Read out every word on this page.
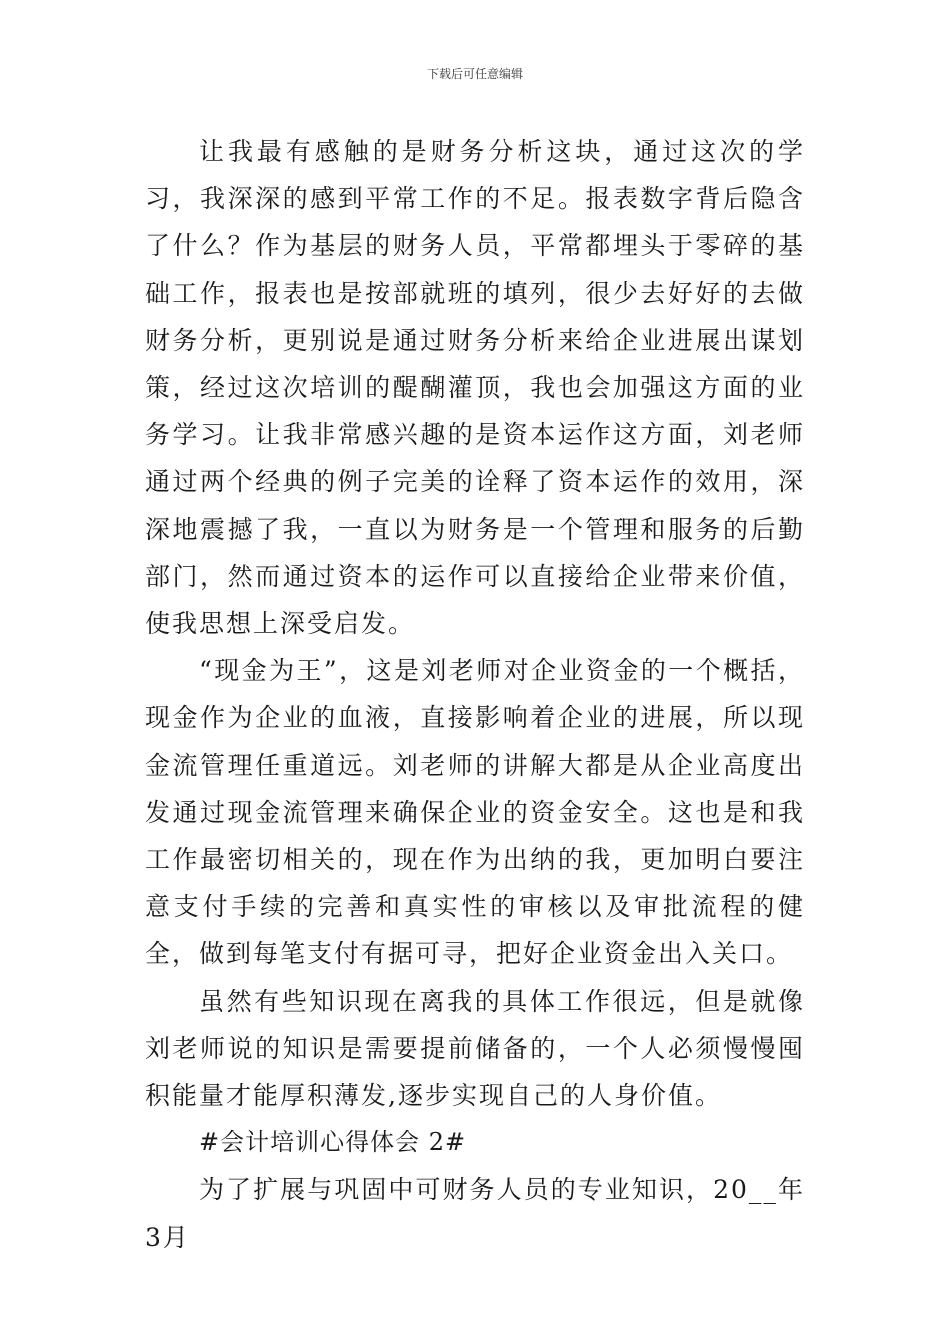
下载后可任意编辑

让我最有感触的是财务分析这块，通过这次的学习，我深深的感到平常工作的不足。报表数字背后隐含了什么？作为基层的财务人员，平常都埋头于零碎的基础工作，报表也是按部就班的填列，很少去好好的去做财务分析，更别说是通过财务分析来给企业进展出谋划策，经过这次培训的醍醐灌顶，我也会加强这方面的业务学习。让我非常感兴趣的是资本运作这方面，刘老师通过两个经典的例子完美的诠释了资本运作的效用，深深地震撼了我，一直以为财务是一个管理和服务的后勤部门，然而通过资本的运作可以直接给企业带来价值，使我思想上深受启发。

“现金为王”，这是刘老师对企业资金的一个概括，现金作为企业的血液，直接影响着企业的进展，所以现金流管理任重道远。刘老师的讲解大都是从企业高度出发通过现金流管理来确保企业的资金安全。这也是和我工作最密切相关的，现在作为出纳的我，更加明白要注意支付手续的完善和真实性的审核以及审批流程的健全，做到每笔支付有据可寻，把好企业资金出入关口。

虽然有些知识现在离我的具体工作很远，但是就像刘老师说的知识是需要提前储备的，一个人必须慢慢囤积能量才能厚积薄发,逐步实现自己的人身价值。

#会计培训心得体会 2#

为了扩展与巩固中可财务人员的专业知识，20__年3月
